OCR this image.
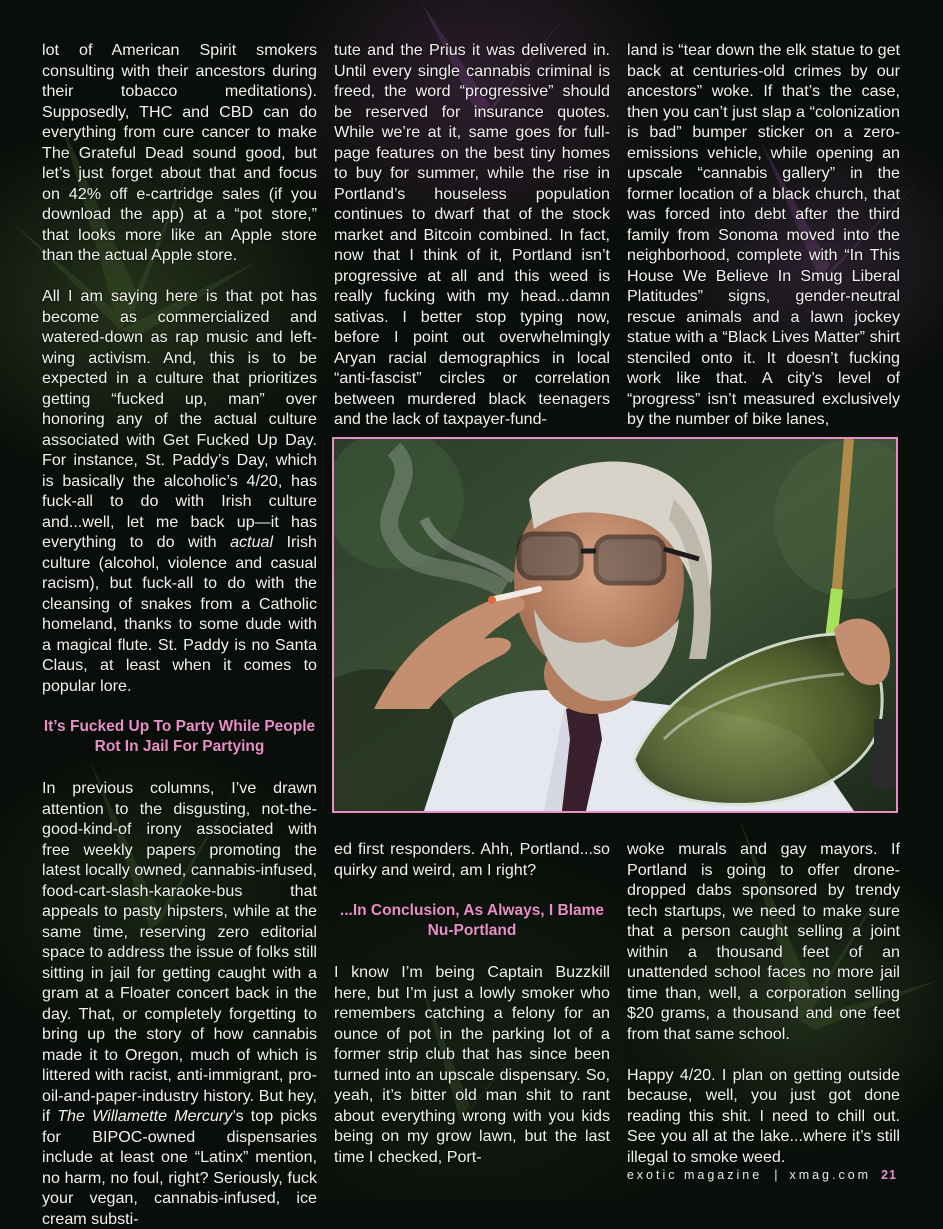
lot of American Spirit smokers consulting with their ancestors during their tobacco meditations). Supposedly, THC and CBD can do everything from cure cancer to make The Grateful Dead sound good, but let’s just forget about that and focus on 42% off e-cartridge sales (if you download the app) at a “pot store,” that looks more like an Apple store than the actual Apple store.

All I am saying here is that pot has become as commercialized and watered-down as rap music and left-wing activism. And, this is to be expected in a culture that prioritizes getting “fucked up, man” over honoring any of the actual culture associated with Get Fucked Up Day. For instance, St. Paddy’s Day, which is basically the alcoholic’s 4/20, has fuck-all to do with Irish culture and...well, let me back up—it has everything to do with actual Irish culture (alcohol, violence and casual racism), but fuck-all to do with the cleansing of snakes from a Catholic homeland, thanks to some dude with a magical flute. St. Paddy is no Santa Claus, at least when it comes to popular lore.

It’s Fucked Up To Party While People Rot In Jail For Partying

In previous columns, I’ve drawn attention to the disgusting, not-the-good-kind-of irony associated with free weekly papers promoting the latest locally owned, cannabis-infused, food-cart-slash-karaoke-bus that appeals to pasty hipsters, while at the same time, reserving zero editorial space to address the issue of folks still sitting in jail for getting caught with a gram at a Floater concert back in the day. That, or completely forgetting to bring up the story of how cannabis made it to Oregon, much of which is littered with racist, anti-immigrant, pro-oil-and-paper-industry history. But hey, if The Willamette Mercury’s top picks for BIPOC-owned dispensaries include at least one “Latinx” mention, no harm, no foul, right? Seriously, fuck your vegan, cannabis-infused, ice cream substi-

tute and the Prius it was delivered in. Until every single cannabis criminal is freed, the word “progressive” should be reserved for insurance quotes. While we’re at it, same goes for full-page features on the best tiny homes to buy for summer, while the rise in Portland’s houseless population continues to dwarf that of the stock market and Bitcoin combined. In fact, now that I think of it, Portland isn’t progressive at all and this weed is really fucking with my head...damn sativas. I better stop typing now, before I point out overwhelmingly Aryan racial demographics in local “anti-fascist” circles or correlation between murdered black teenagers and the lack of taxpayer-fund-

land is “tear down the elk statue to get back at centuries-old crimes by our ancestors” woke. If that’s the case, then you can’t just slap a “colonization is bad” bumper sticker on a zero-emissions vehicle, while opening an upscale “cannabis gallery” in the former location of a black church, that was forced into debt after the third family from Sonoma moved into the neighborhood, complete with “In This House We Believe In Smug Liberal Platitudes” signs, gender-neutral rescue animals and a lawn jockey statue with a “Black Lives Matter” shirt stenciled onto it. It doesn’t fucking work like that. A city’s level of “progress” isn’t measured exclusively by the number of bike lanes,

ed first responders. Ahh, Portland...so quirky and weird, am I right?

...In Conclusion, As Always, I Blame Nu-Portland

I know I’m being Captain Buzzkill here, but I’m just a lowly smoker who remembers catching a felony for an ounce of pot in the parking lot of a former strip club that has since been turned into an upscale dispensary. So, yeah, it’s bitter old man shit to rant about everything wrong with you kids being on my grow lawn, but the last time I checked, Port-

woke murals and gay mayors. If Portland is going to offer drone-dropped dabs sponsored by trendy tech startups, we need to make sure that a person caught selling a joint within a thousand feet of an unattended school faces no more jail time than, well, a corporation selling $20 grams, a thousand and one feet from that same school.

Happy 4/20. I plan on getting outside because, well, you just got done reading this shit. I need to chill out. See you all at the lake...where it’s still illegal to smoke weed.

exotic magazine | xmag.com 21
